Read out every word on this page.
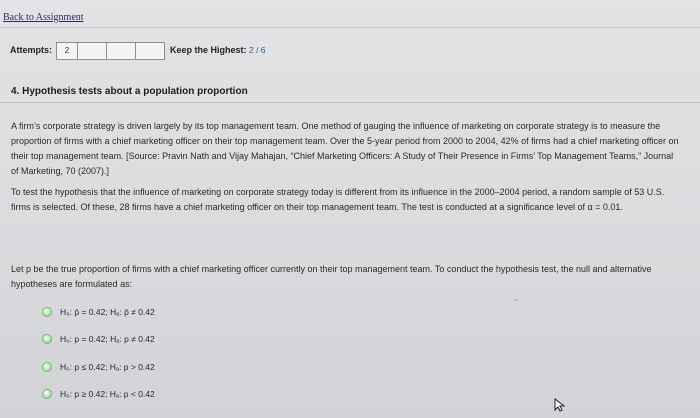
Back to Assignment
Attempts:	2	Keep the Highest: 2 / 6
4. Hypothesis tests about a population proportion
A firm’s corporate strategy is driven largely by its top management team. One method of gauging the influence of marketing on corporate strategy is to measure the proportion of firms with a chief marketing officer on their top management team. Over the 5-year period from 2000 to 2004, 42% of firms had a chief marketing officer on their top management team. [Source: Pravin Nath and Vijay Mahajan, “Chief Marketing Officers: A Study of Their Presence in Firms’ Top Management Teams,” Journal of Marketing, 70 (2007).]
To test the hypothesis that the influence of marketing on corporate strategy today is different from its influence in the 2000–2004 period, a random sample of 53 U.S. firms is selected. Of these, 28 firms have a chief marketing officer on their top management team. The test is conducted at a significance level of α = 0.01.
Let p be the true proportion of firms with a chief marketing officer currently on their top management team. To conduct the hypothesis test, the null and alternative hypotheses are formulated as:
⌄
H₀: p̄ = 0.42; Hₐ: p̄ ≠ 0.42
H₀: p = 0.42; Hₐ: p ≠ 0.42
H₀: p ≤ 0.42; Hₐ: p > 0.42
H₀: p ≥ 0.42; Hₐ: p < 0.42
